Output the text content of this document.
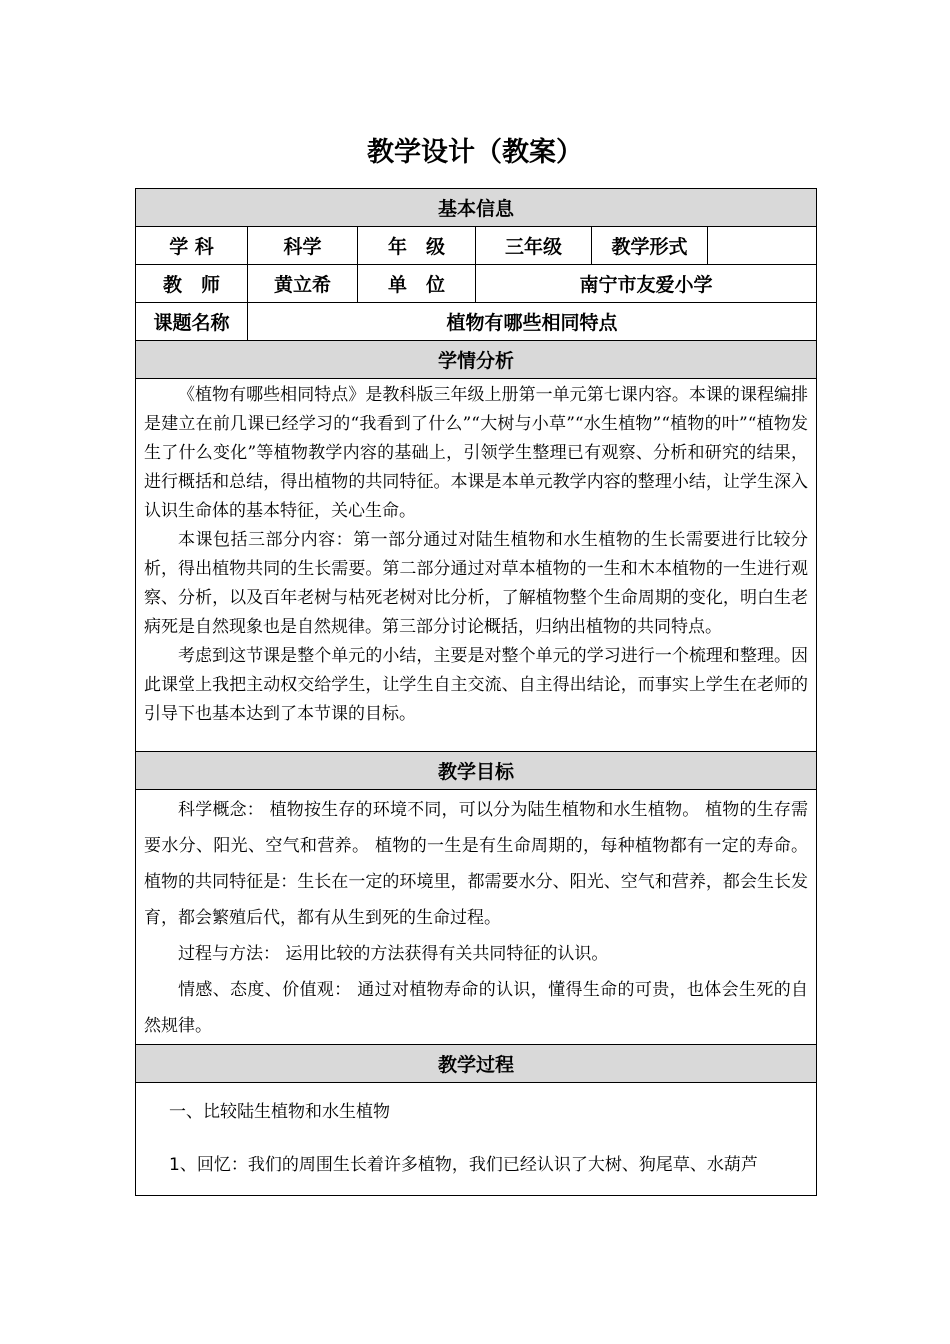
教学设计（教案）
基本信息					
学 科	科学	年　级	三年级	教学形式	
教　师	黄立希	单　位	南宁市友爱小学		
课题名称	植物有哪些相同特点				
学情分析					

《植物有哪些相同特点》是教科版三年级上册第一单元第七课内容。本课的课程编排是建立在前几课已经学习的“我看到了什么”“大树与小草”“水生植物”“植物的叶”“植物发生了什么变化”等植物教学内容的基础上，引领学生整理已有观察、分析和研究的结果，进行概括和总结，得出植物的共同特征。本课是本单元教学内容的整理小结，让学生深入认识生命体的基本特征，关心生命。

本课包括三部分内容：第一部分通过对陆生植物和水生植物的生长需要进行比较分析，得出植物共同的生长需要。第二部分通过对草本植物的一生和木本植物的一生进行观察、分析，以及百年老树与枯死老树对比分析，了解植物整个生命周期的变化，明白生老病死是自然现象也是自然规律。第三部分讨论概括，归纳出植物的共同特点。

考虑到这节课是整个单元的小结，主要是对整个单元的学习进行一个梳理和整理。因此课堂上我把主动权交给学生，让学生自主交流、自主得出结论，而事实上学生在老师的引导下也基本达到了本节课的目标。					

教学目标					

科学概念： 植物按生存的环境不同，可以分为陆生植物和水生植物。 植物的生存需要水分、阳光、空气和营养。 植物的一生是有生命周期的，每种植物都有一定的寿命。 植物的共同特征是：生长在一定的环境里，都需要水分、阳光、空气和营养，都会生长发育，都会繁殖后代，都有从生到死的生命过程。

过程与方法： 运用比较的方法获得有关共同特征的认识。

情感、态度、价值观： 通过对植物寿命的认识，懂得生命的可贵，也体会生死的自然规律。					

教学过程					

一、比较陆生植物和水生植物
1、回忆：我们的周围生长着许多植物，我们已经认识了大树、狗尾草、水葫芦					
